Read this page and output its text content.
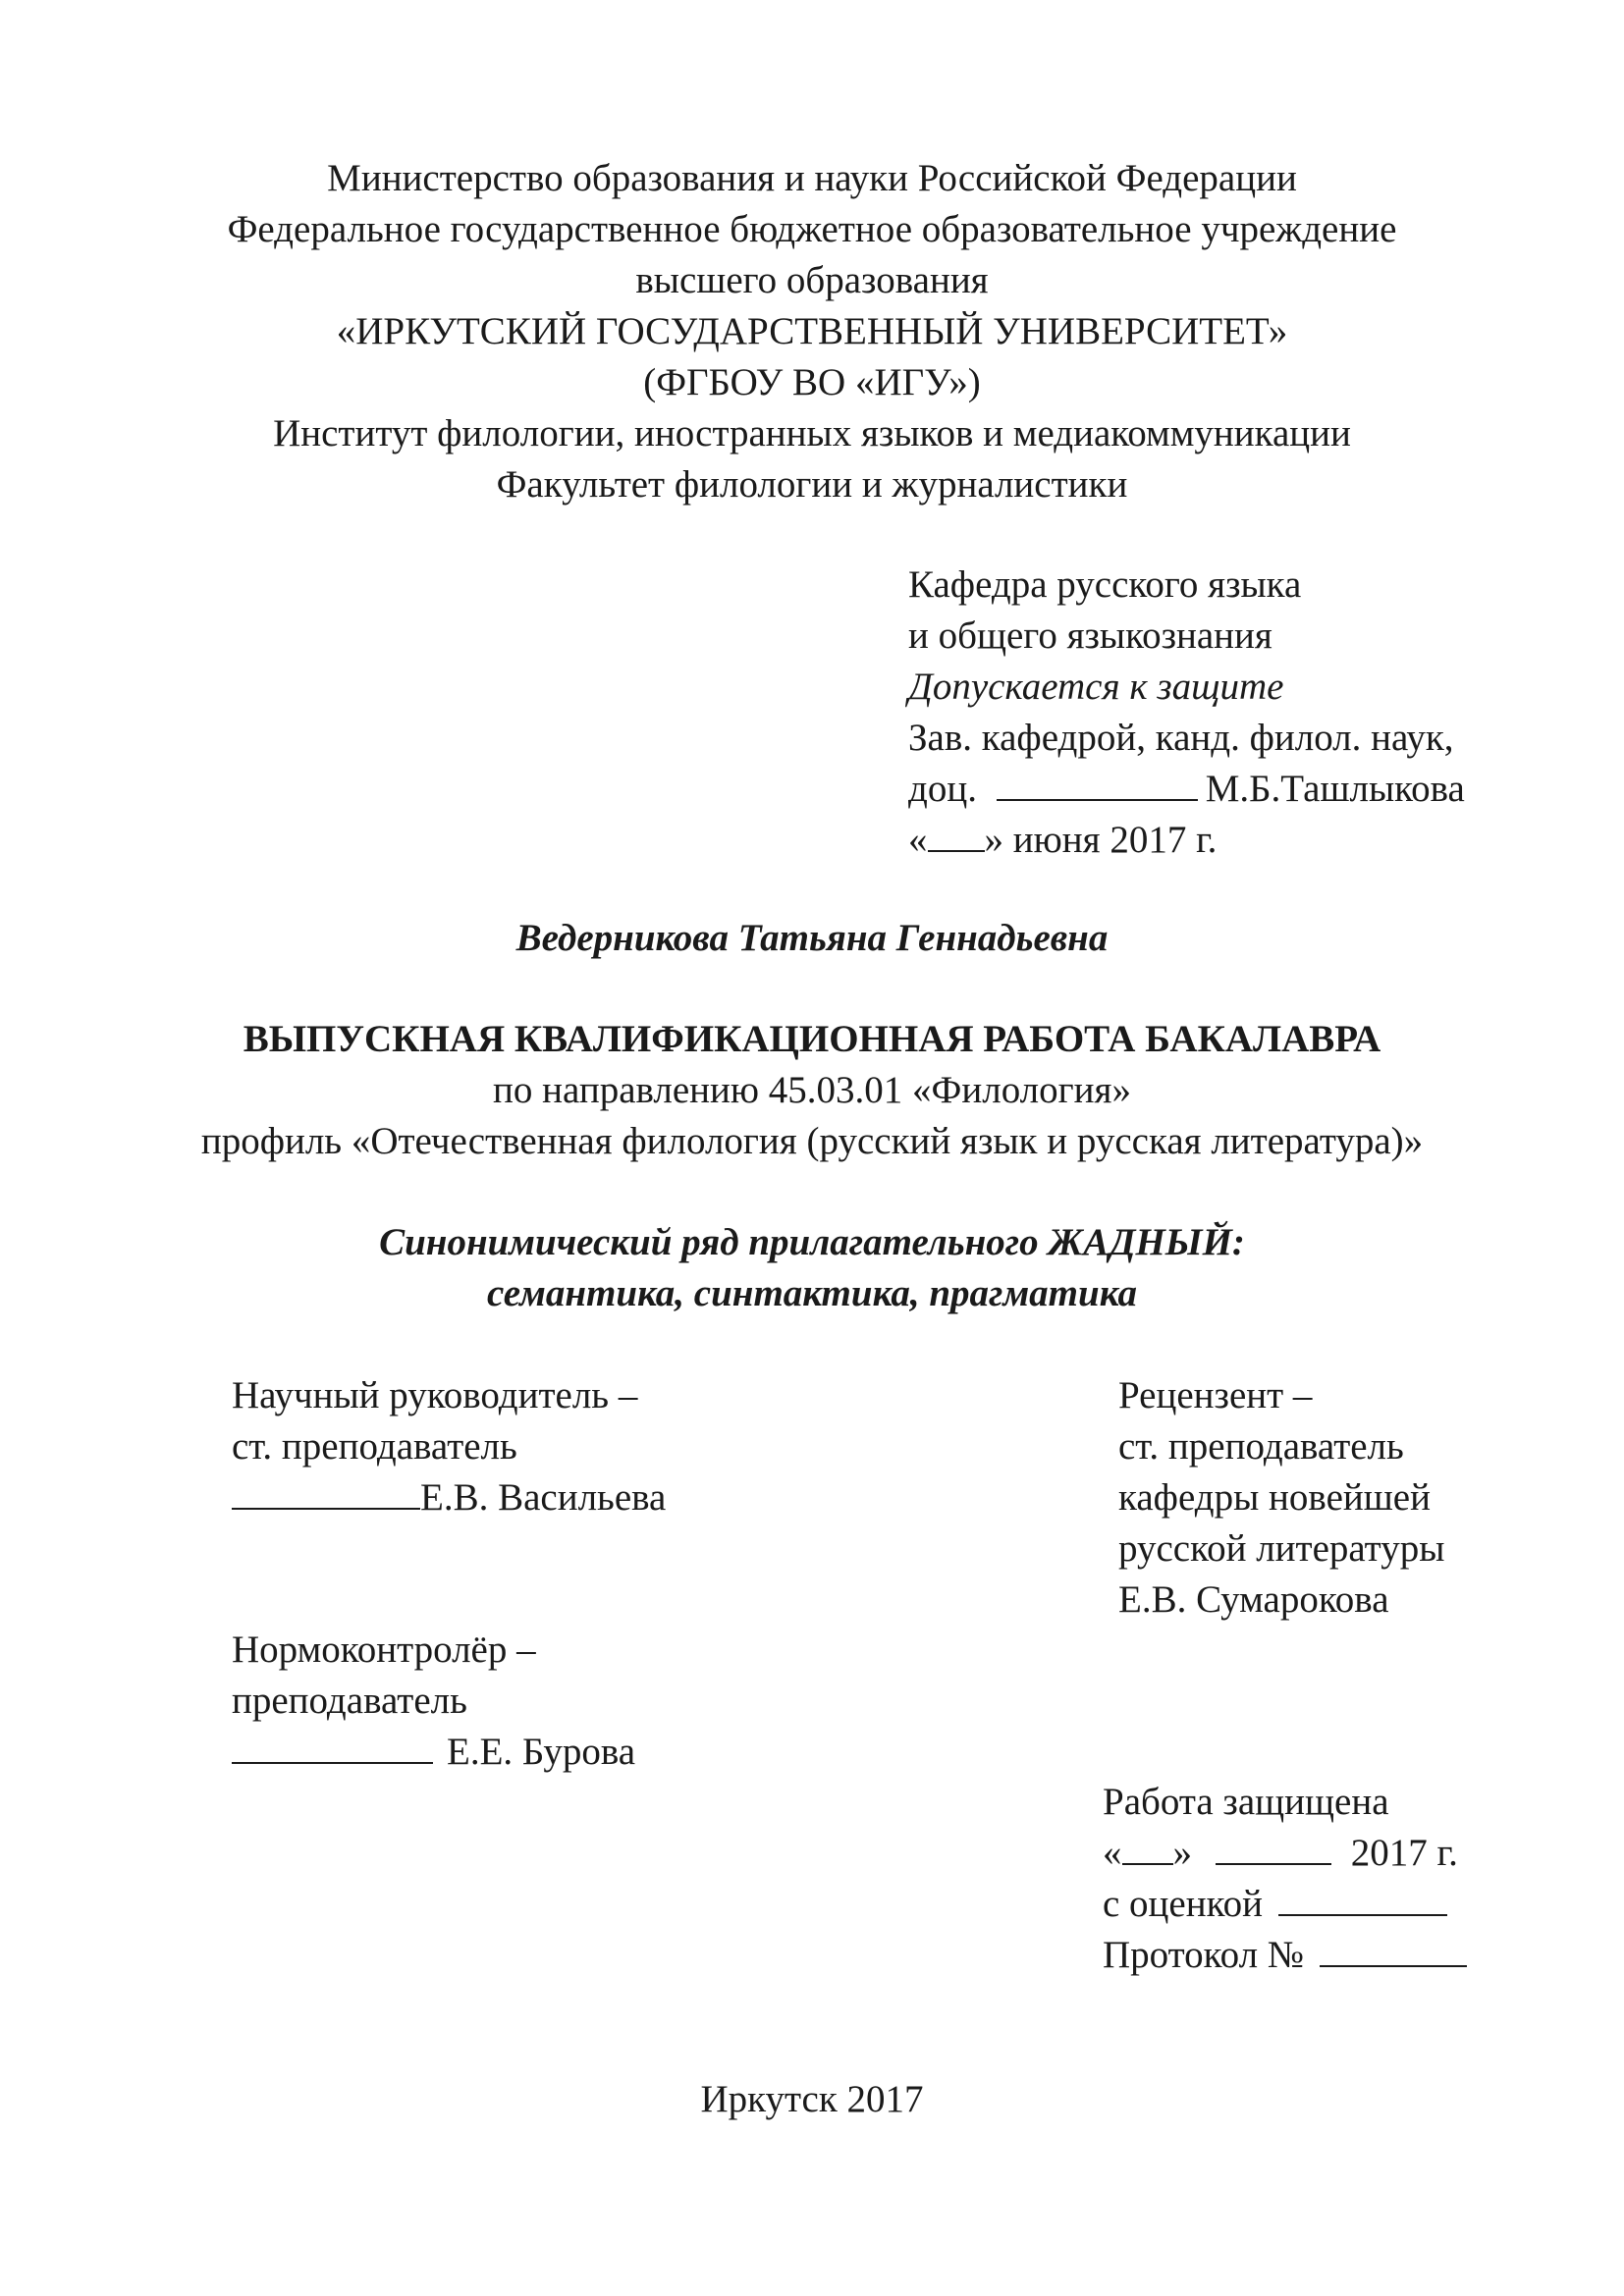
Министерство образования и науки Российской Федерации
Федеральное государственное бюджетное образовательное учреждение
высшего образования
«ИРКУТСКИЙ ГОСУДАРСТВЕННЫЙ УНИВЕРСИТЕТ»
(ФГБОУ ВО «ИГУ»)
Институт филологии, иностранных языков и медиакоммуникации
Факультет филологии и журналистики
Кафедра русского языка
и общего языкознания
Допускается к защите
Зав. кафедрой, канд. филол. наук,
доц.	М.Б.Ташлыкова
« » июня 2017 г.
Ведерникова Татьяна Геннадьевна
ВЫПУСКНАЯ КВАЛИФИКАЦИОННАЯ РАБОТА БАКАЛАВРА
по направлению 45.03.01 «Филология»
профиль «Отечественная филология (русский язык и русская литература)»
Синонимический ряд прилагательного ЖАДНЫЙ:
семантика, синтактика, прагматика
Научный руководитель –
ст. преподаватель
Е.В. Васильева
Рецензент –
ст. преподаватель
кафедры новейшей
русской литературы
Е.В. Сумарокова
Нормоконтролёр –
преподаватель
Е.Е. Бурова
Работа защищена
« »	2017 г.
с оценкой
Протокол №
Иркутск 2017
